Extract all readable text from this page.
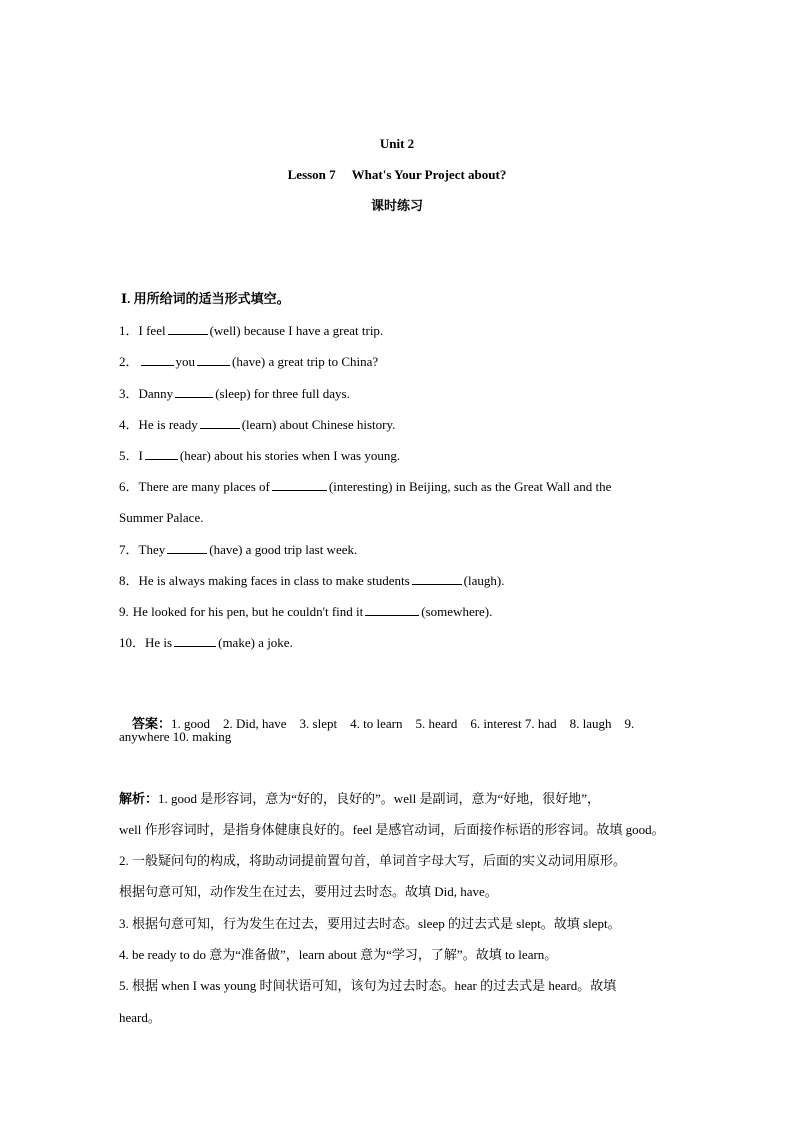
Unit 2
Lesson 7 What's Your Project about?
课时练习
Ⅰ. 用所给词的适当形式填空。
1．I feel	(well) because I have a great trip.
2．	you	(have) a great trip to China?
3．Danny	(sleep) for three full days.
4．He is ready	(learn) about Chinese history.
5．I	(hear) about his stories when I was young.
6．There are many places of	(interesting) in Beijing, such as the Great Wall and the
Summer Palace.
7．They	(have) a good trip last week.
8．He is always making faces in class to make students	(laugh).
9. He looked for his pen, but he couldn't find it	(somewhere).
10．He is	(make) a joke.

答案：1. good    2. Did, have    3. slept    4. to learn    5. heard    6. interest 7. had    8. laugh    9.

anywhere 10. making
解析：1. good 是形容词，意为“好的，良好的”。well 是副词，意为“好地，很好地”，
well 作形容词时，是指身体健康良好的。feel 是感官动词，后面接作标语的形容词。故填 good。
2. 一般疑问句的构成，将助动词提前置句首，单词首字母大写，后面的实义动词用原形。
根据句意可知，动作发生在过去，要用过去时态。故填 Did, have。
3. 根据句意可知，行为发生在过去，要用过去时态。sleep 的过去式是 slept。故填 slept。
4. be ready to do 意为“准备做”，learn about 意为“学习，了解”。故填 to learn。
5. 根据 when I was young 时间状语可知，该句为过去时态。hear 的过去式是 heard。故填
heard。
